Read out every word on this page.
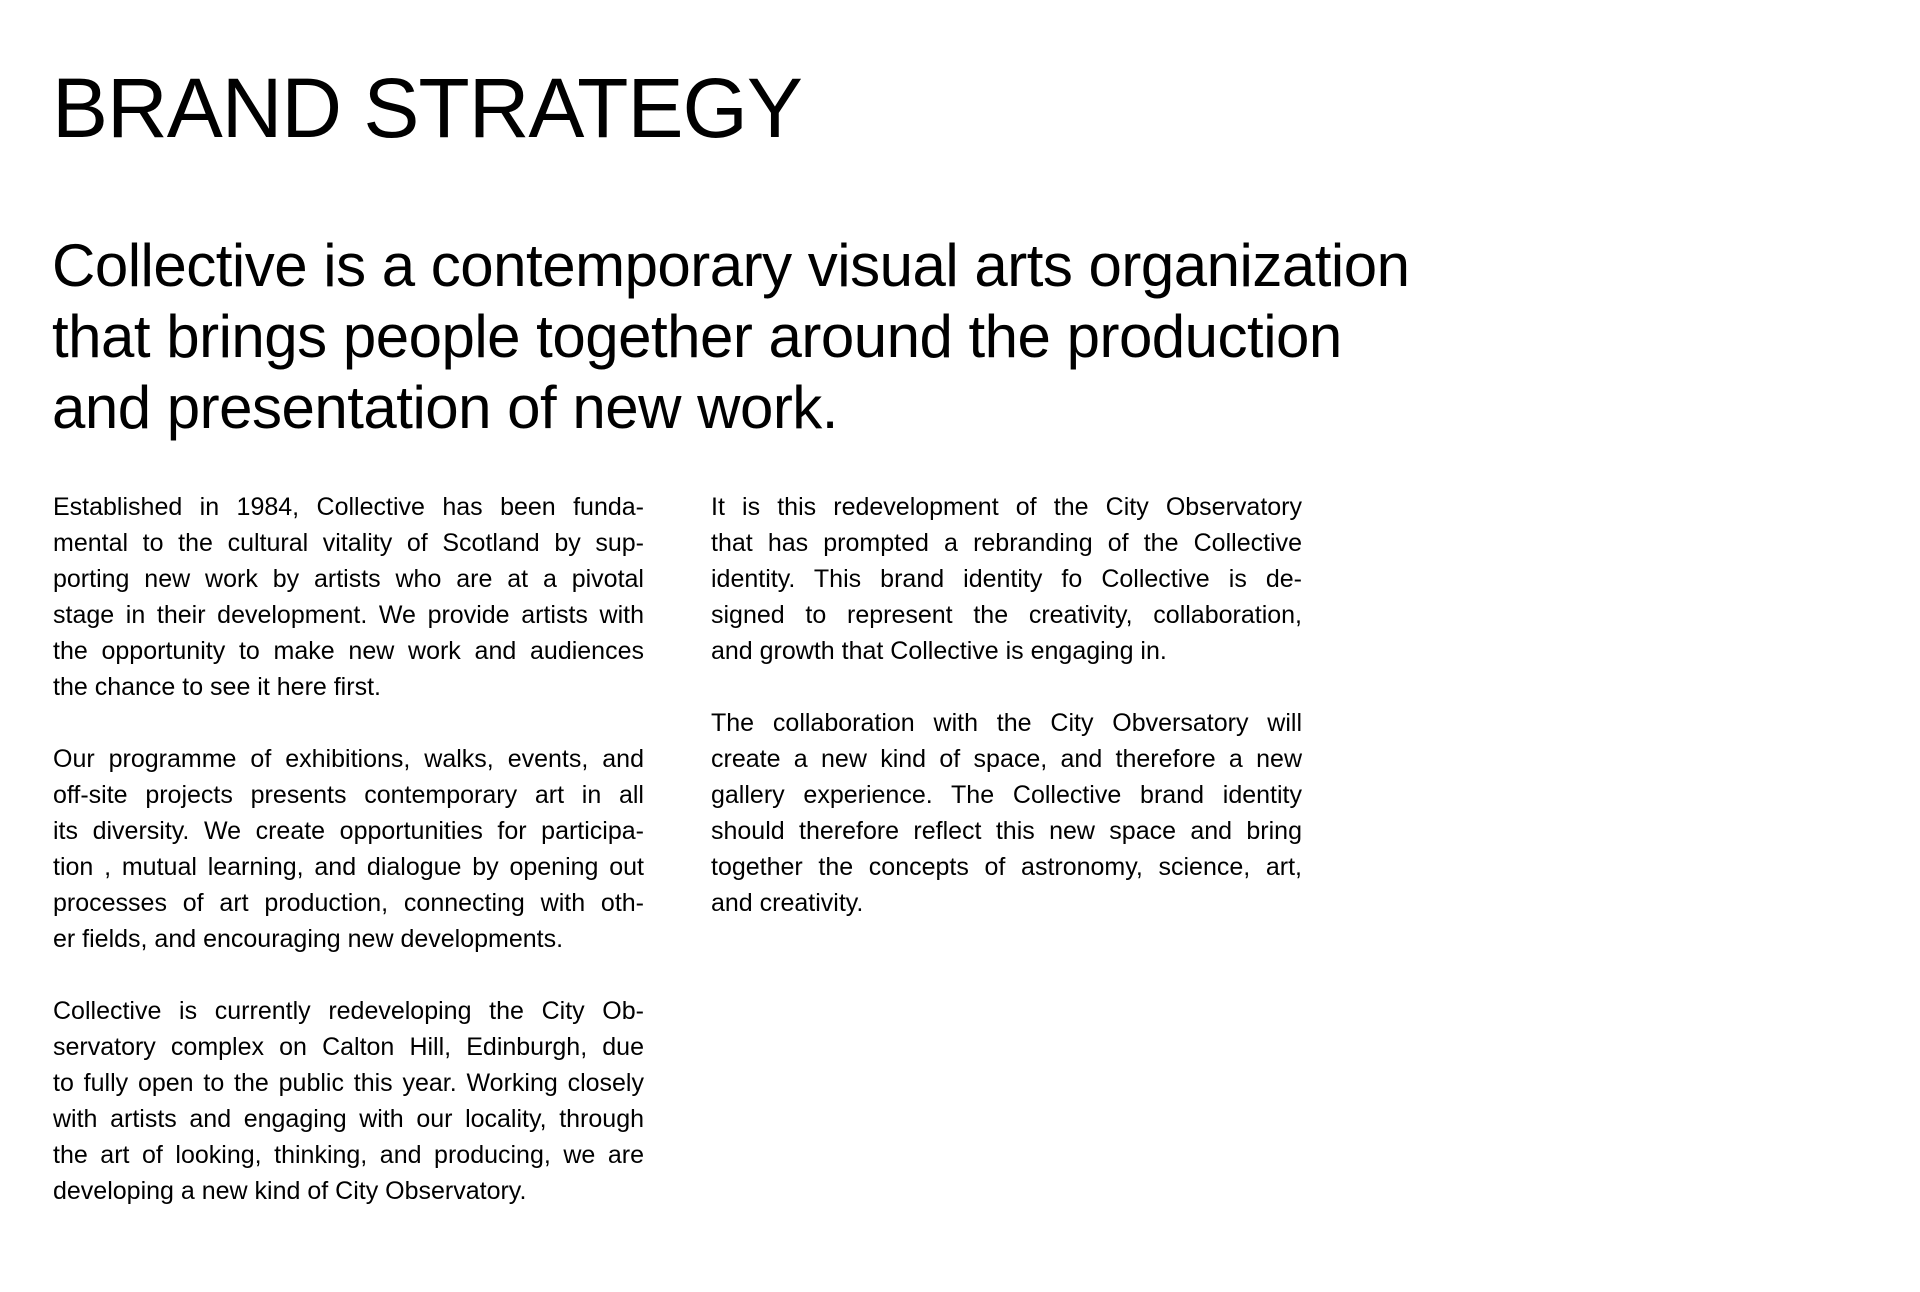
BRAND STRATEGY

Collective is a contemporary visual arts organization
that brings people together around the production
and presentation of new work.

Established in 1984, Collective has been funda-
mental to the cultural vitality of Scotland by sup-
porting new work by artists who are at a pivotal
stage in their development. We provide artists with
the opportunity to make new work and audiences
the chance to see it here first.

Our programme of exhibitions, walks, events, and
off-site projects presents contemporary art in all
its diversity. We create opportunities for participa-
tion , mutual learning, and dialogue by opening out
processes of art production, connecting with oth-
er fields, and encouraging new developments.

Collective is currently redeveloping the City Ob-
servatory complex on Calton Hill, Edinburgh, due
to fully open to the public this year. Working closely
with artists and engaging with our locality, through
the art of looking, thinking, and producing, we are
developing a new kind of City Observatory.

It is this redevelopment of the City Observatory
that has prompted a rebranding of the Collective
identity. This brand identity fo Collective is de-
signed to represent the creativity, collaboration,
and growth that Collective is engaging in.

The collaboration with the City Obversatory will
create a new kind of space, and therefore a new
gallery experience. The Collective brand identity
should therefore reflect this new space and bring
together the concepts of astronomy, science, art,
and creativity.
